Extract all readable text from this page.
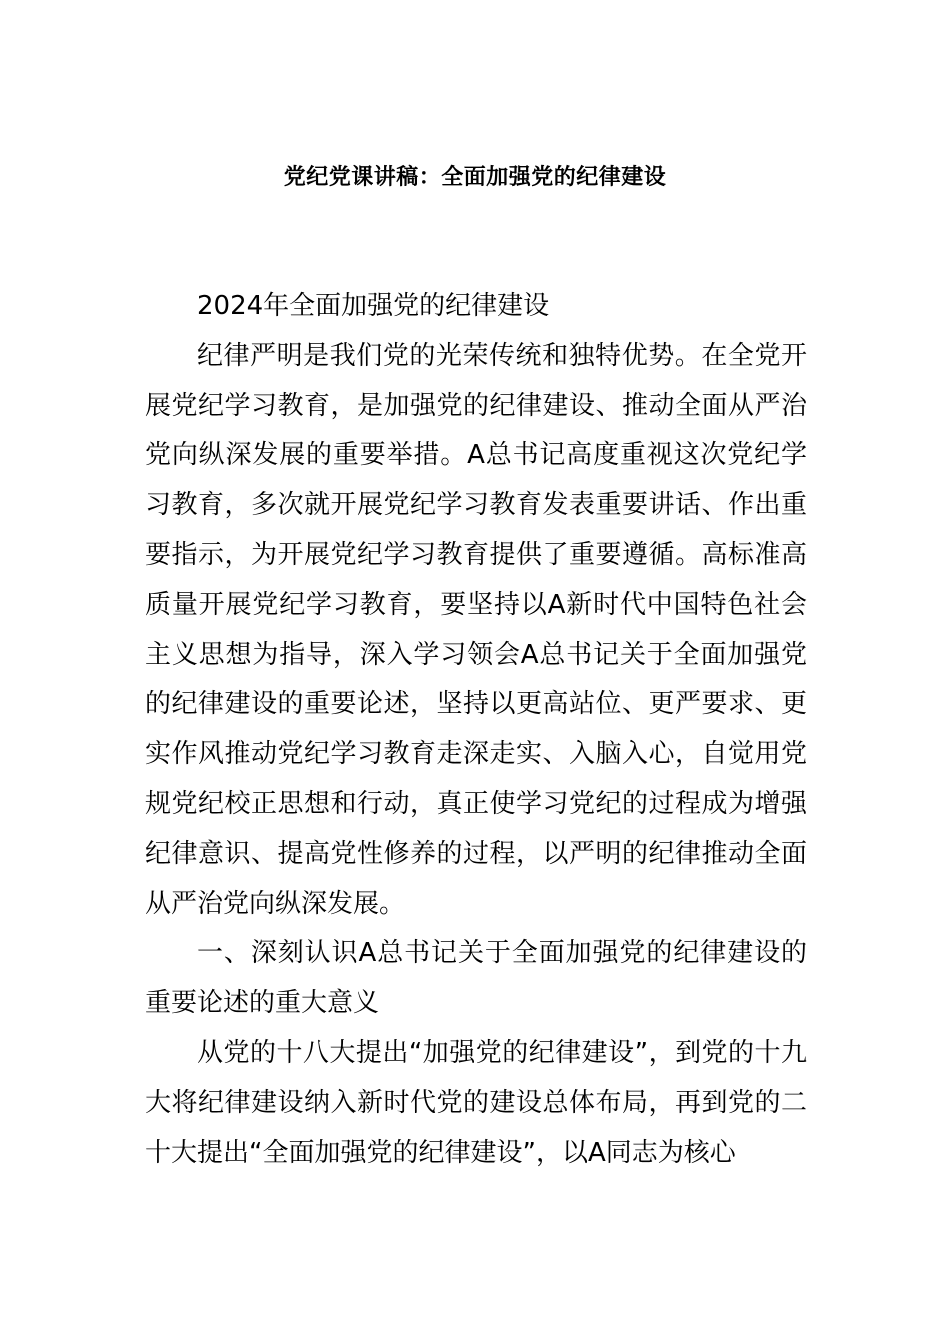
党纪党课讲稿：全面加强党的纪律建设

2024年全面加强党的纪律建设

纪律严明是我们党的光荣传统和独特优势。在全党开展党纪学习教育，是加强党的纪律建设、推动全面从严治党向纵深发展的重要举措。A总书记高度重视这次党纪学习教育，多次就开展党纪学习教育发表重要讲话、作出重要指示，为开展党纪学习教育提供了重要遵循。高标准高质量开展党纪学习教育，要坚持以A新时代中国特色社会主义思想为指导，深入学习领会A总书记关于全面加强党的纪律建设的重要论述，坚持以更高站位、更严要求、更实作风推动党纪学习教育走深走实、入脑入心，自觉用党规党纪校正思想和行动，真正使学习党纪的过程成为增强纪律意识、提高党性修养的过程，以严明的纪律推动全面从严治党向纵深发展。

一、深刻认识A总书记关于全面加强党的纪律建设的重要论述的重大意义

从党的十八大提出“加强党的纪律建设”，到党的十九大将纪律建设纳入新时代党的建设总体布局，再到党的二十大提出“全面加强党的纪律建设”，以A同志为核心
